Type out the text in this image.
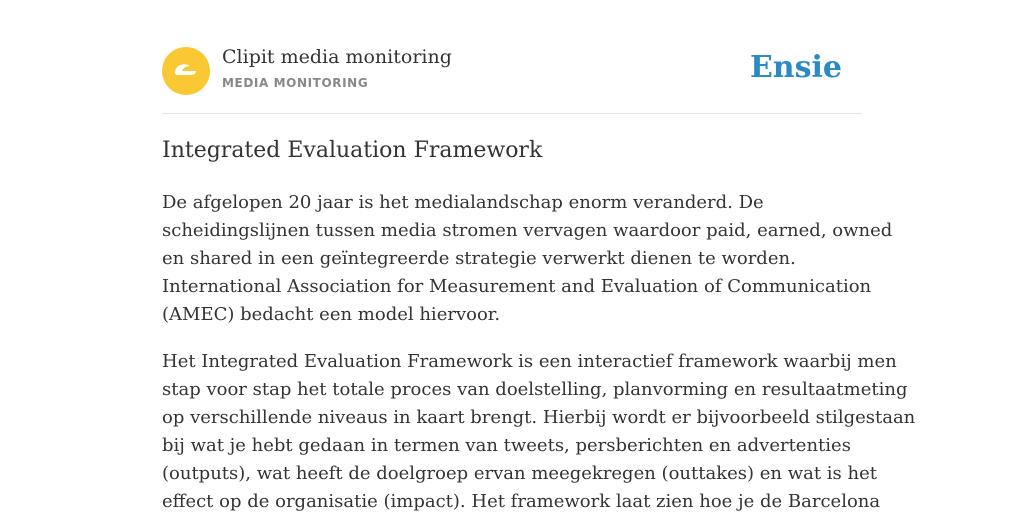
Clipit media monitoring
MEDIA MONITORING	Ensie
Integrated Evaluation Framework

De afgelopen 20 jaar is het medialandschap enorm veranderd. De
scheidingslijnen tussen media stromen vervagen waardoor paid, earned, owned
en shared in een geïntegreerde strategie verwerkt dienen te worden.
International Association for Measurement and Evaluation of Communication
(AMEC) bedacht een model hiervoor.

Het Integrated Evaluation Framework is een interactief framework waarbij men
stap voor stap het totale proces van doelstelling, planvorming en resultaatmeting
op verschillende niveaus in kaart brengt. Hierbij wordt er bijvoorbeeld stilgestaan
bij wat je hebt gedaan in termen van tweets, persberichten en advertenties
(outputs), wat heeft de doelgroep ervan meegekregen (outtakes) en wat is het
effect op de organisatie (impact). Het framework laat zien hoe je de Barcelona
